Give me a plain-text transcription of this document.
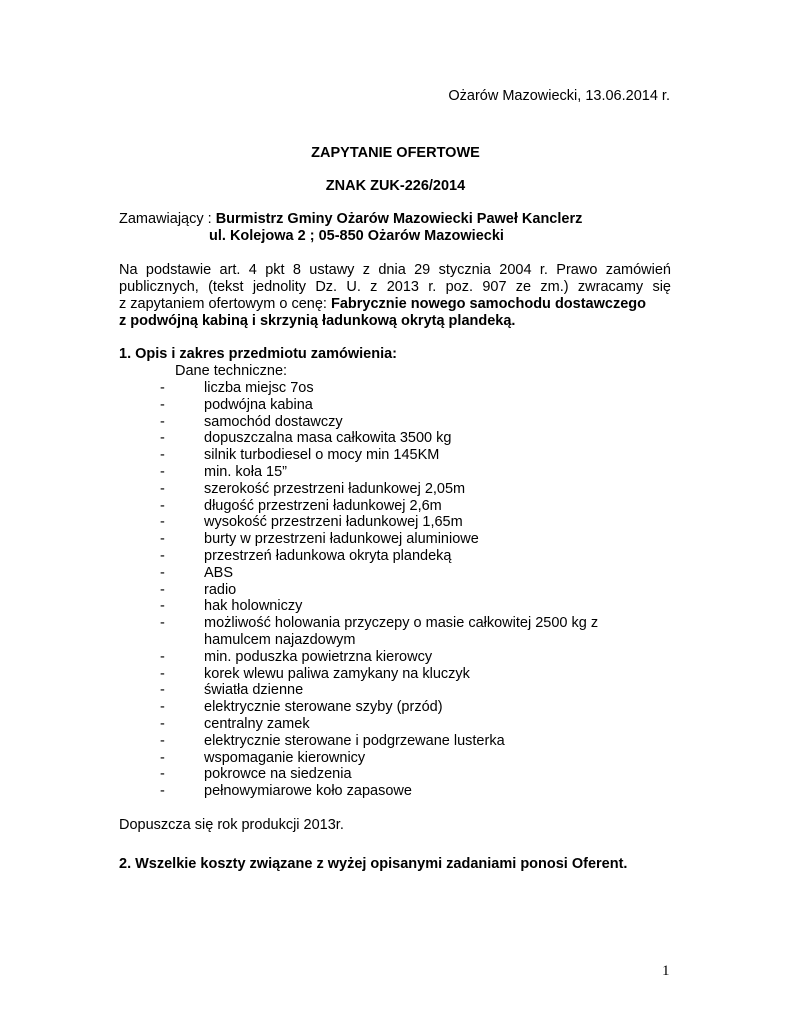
Ożarów Mazowiecki, 13.06.2014 r.
ZAPYTANIE OFERTOWE
ZNAK ZUK-226/2014
Zamawiający : Burmistrz Gminy Ożarów Mazowiecki Paweł Kanclerz
ul. Kolejowa 2 ; 05-850 Ożarów Mazowiecki
Na podstawie art. 4 pkt 8 ustawy z dnia 29 stycznia 2004 r. Prawo zamówień
publicznych, (tekst jednolity Dz. U. z 2013 r. poz. 907 ze zm.) zwracamy się
z zapytaniem ofertowym o cenę: Fabrycznie nowego samochodu dostawczego
z podwójną kabiną i skrzynią ładunkową okrytą plandeką.
1. Opis i zakres przedmiotu zamówienia:
Dane techniczne:
-	liczba miejsc 7os
-	podwójna kabina
-	samochód dostawczy
-	dopuszczalna masa całkowita 3500 kg
-	silnik turbodiesel o mocy min 145KM
-	min. koła 15”
-	szerokość przestrzeni ładunkowej 2,05m
-	długość przestrzeni ładunkowej 2,6m
-	wysokość przestrzeni ładunkowej 1,65m
-	burty w przestrzeni ładunkowej aluminiowe
-	przestrzeń ładunkowa okryta plandeką
-	ABS
-	radio
-	hak holowniczy
-	możliwość holowania przyczepy o masie całkowitej 2500 kg z
hamulcem najazdowym
-	min. poduszka powietrzna kierowcy
-	korek wlewu paliwa zamykany na kluczyk
-	światła dzienne
-	elektrycznie sterowane szyby (przód)
-	centralny zamek
-	elektrycznie sterowane i podgrzewane lusterka
-	wspomaganie kierownicy
-	pokrowce na siedzenia
-	pełnowymiarowe koło zapasowe
Dopuszcza się rok produkcji 2013r.
2. Wszelkie koszty związane z wyżej opisanymi zadaniami ponosi Oferent.
1
